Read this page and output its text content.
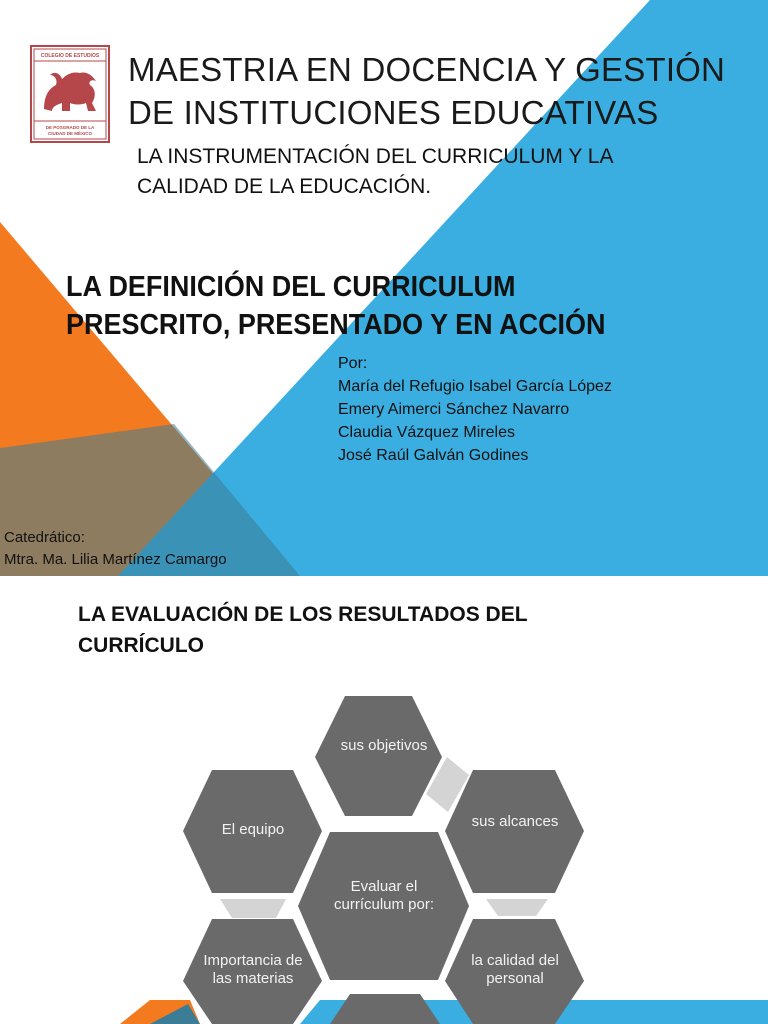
COLEGIO DE ESTUDIOS
DE POSGRADO DE LA
CIUDAD DE MÉXICO
MAESTRIA EN DOCENCIA Y GESTIÓN DE INSTITUCIONES EDUCATIVAS
LA INSTRUMENTACIÓN DEL CURRICULUM Y LA CALIDAD DE LA EDUCACIÓN.
LA DEFINICIÓN DEL CURRICULUM PRESCRITO, PRESENTADO Y EN ACCIÓN
Por:
María del Refugio Isabel García López
Emery Aimerci Sánchez Navarro
Claudia Vázquez Mireles
José Raúl Galván Godines
Catedrático:
Mtra. Ma. Lilia Martínez Camargo
LA EVALUACIÓN DE LOS RESULTADOS DEL CURRÍCULO
sus objetivos
sus alcances
la calidad del personal
Importancia de las materias
El equipo
Evaluar el currículum por:
